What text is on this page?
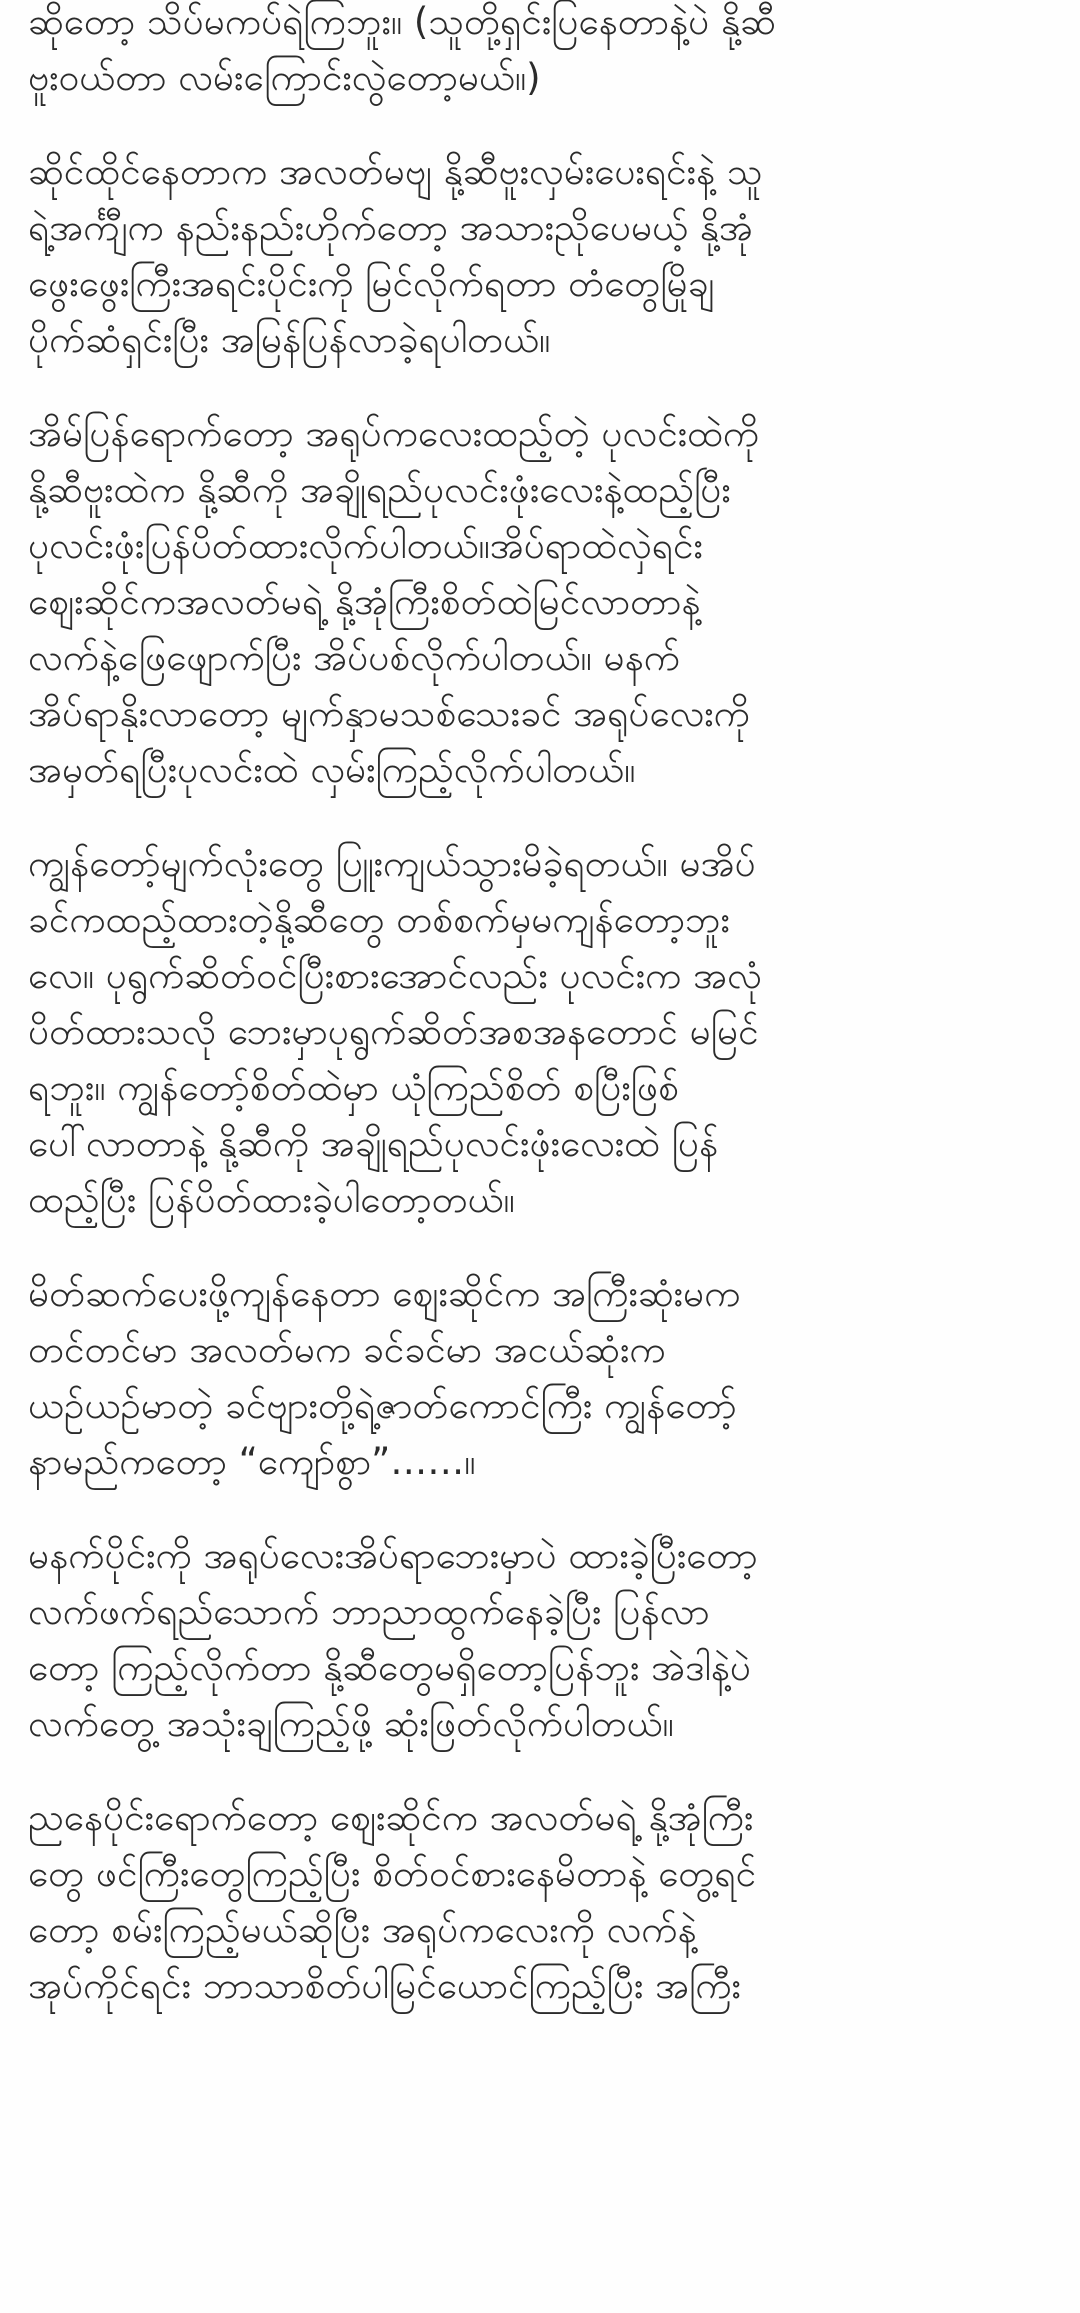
ဆိုတော့ သိပ်မကပ်ရဲကြဘူး။ (သူတို့ရှင်းပြနေတာနဲ့ပဲ နို့ဆီ
ဗူးဝယ်တာ လမ်းကြောင်းလွဲတော့မယ်။)
ဆိုင်ထိုင်နေတာက အလတ်မဗျ နို့ဆီဗူးလှမ်းပေးရင်းနဲ့ သူ
ရဲ့အင်္ကျီက နည်းနည်းဟိုက်တော့ အသားညိုပေမယ့် နို့အုံ
ဖွေးဖွေးကြီးအရင်းပိုင်းကို မြင်လိုက်ရတာ တံတွေမြိုချ
ပိုက်ဆံရှင်းပြီး အမြန်ပြန်လာခဲ့ရပါတယ်။
အိမ်ပြန်ရောက်တော့ အရုပ်ကလေးထည့်တဲ့ ပုလင်းထဲကို
နို့ဆီဗူးထဲက နို့ဆီကို အချိုရည်ပုလင်းဖုံးလေးနဲ့ထည့်ပြီး
ပုလင်းဖုံးပြန်ပိတ်ထားလိုက်ပါတယ်။အိပ်ရာထဲလှဲရင်း
ဈေးဆိုင်ကအလတ်မရဲ့ နို့အုံကြီးစိတ်ထဲမြင်လာတာနဲ့
လက်နဲ့ဖြေဖျောက်ပြီး အိပ်ပစ်လိုက်ပါတယ်။ မနက်
အိပ်ရာနိုးလာတော့ မျက်နှာမသစ်သေးခင် အရုပ်လေးကို
အမှတ်ရပြီးပုလင်းထဲ လှမ်းကြည့်လိုက်ပါတယ်။
ကျွန်တော့်မျက်လုံးတွေ ပြူးကျယ်သွားမိခဲ့ရတယ်။ မအိပ်
ခင်ကထည့်ထားတဲ့နို့ဆီတွေ တစ်စက်မှမကျန်တော့ဘူး
လေ။ ပုရွက်ဆိတ်ဝင်ပြီးစားအောင်လည်း ပုလင်းက အလုံ
ပိတ်ထားသလို ဘေးမှာပုရွက်ဆိတ်အစအနတောင် မမြင်
ရဘူး။ ကျွန်တော့်စိတ်ထဲမှာ ယုံကြည်စိတ် စပြီးဖြစ်
ပေါ်လာတာနဲ့ နို့ဆီကို အချိုရည်ပုလင်းဖုံးလေးထဲ ပြန်
ထည့်ပြီး ပြန်ပိတ်ထားခဲ့ပါတော့တယ်။
မိတ်ဆက်ပေးဖို့ကျန်နေတာ ဈေးဆိုင်က အကြီးဆုံးမက
တင်တင်မာ အလတ်မက ခင်ခင်မာ အငယ်ဆုံးက
ယဥ်ယဥ်မာတဲ့ ခင်ဗျားတို့ရဲ့ဇာတ်ကောင်ကြီး ကျွန်တော့်
နာမည်ကတော့ “ကျော်စွာ”……။
မနက်ပိုင်းကို အရုပ်လေးအိပ်ရာဘေးမှာပဲ ထားခဲ့ပြီးတော့
လက်ဖက်ရည်သောက် ဘာညာထွက်နေခဲ့ပြီး ပြန်လာ
တော့ ကြည့်လိုက်တာ နို့ဆီတွေမရှိတော့ပြန်ဘူး အဲဒါနဲ့ပဲ
လက်တွေ့ အသုံးချကြည့်ဖို့ ဆုံးဖြတ်လိုက်ပါတယ်။
ညနေပိုင်းရောက်တော့ ဈေးဆိုင်က အလတ်မရဲ့ နို့အုံကြီး
တွေ ဖင်ကြီးတွေကြည့်ပြီး စိတ်ဝင်စားနေမိတာနဲ့ တွေ့ရင်
တော့ စမ်းကြည့်မယ်ဆိုပြီး အရုပ်ကလေးကို လက်နဲ့
အုပ်ကိုင်ရင်း ဘာသာစိတ်ပါမြင်ယောင်ကြည့်ပြီး အကြီး
